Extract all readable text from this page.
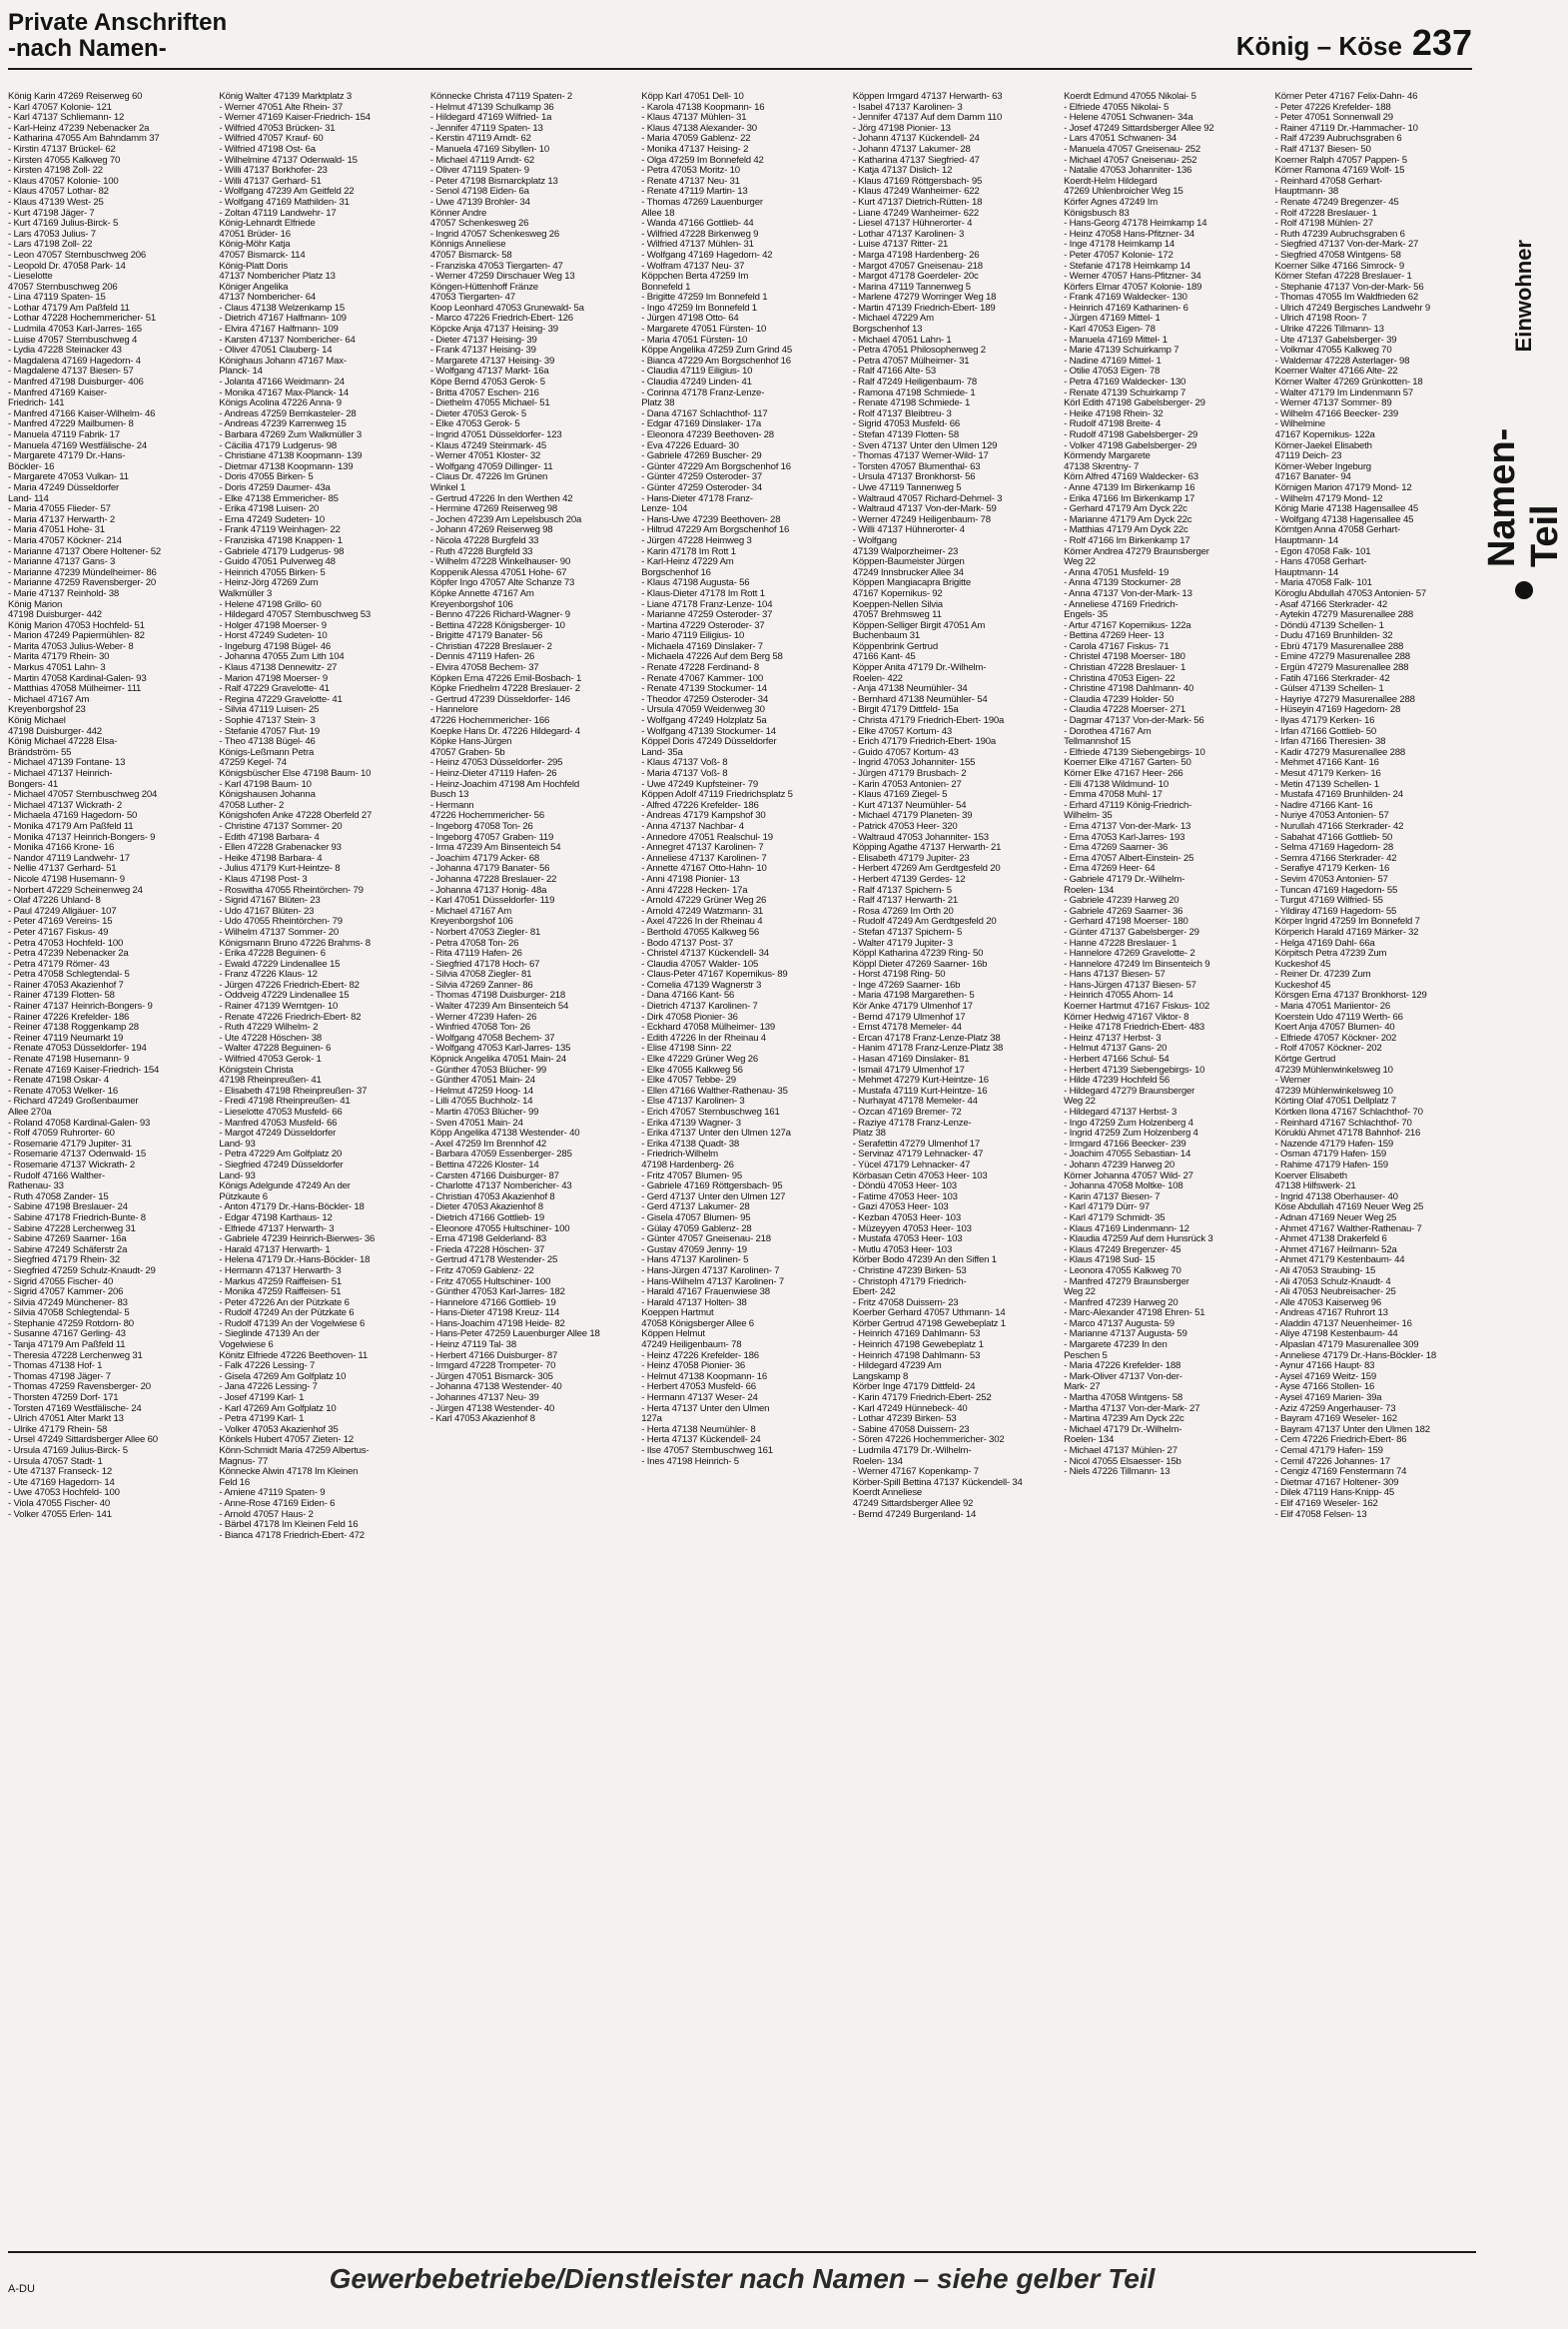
Private Anschriften
-nach Namen-	König – Köse 237
König Karin 47269 Reiserweg 60
- Karl 47057 Kolonie- 121
- Karl 47137 Schliemann- 12
- Karl-Heinz 47239 Nebenacker 2a
- Katharina 47055 Am Bahndamm 37
- Kirstin 47137 Brückel- 62
- Kirsten 47055 Kalkweg 70
- Kirsten 47198 Zoll- 22
- Klaus 47057 Kolonie- 100
- Klaus 47057 Lothar- 82
- Klaus 47139 West- 25
- Kurt 47198 Jäger- 7
- Kurt 47169 Julius-Birck- 5
- Lars 47053 Julius- 7
- Lars 47198 Zoll- 22
- Leon 47057 Sternbuschweg 206
- Leopold Dr. 47058 Park- 14
- Lieselotte
47057 Sternbuschweg 206
- Lina 47119 Spaten- 15
- Lothar 47179 Am Paßfeld 11
- Lothar 47228 Hochemmericher- 51
- Ludmila 47053 Karl-Jarres- 165
- Luise 47057 Sternbuschweg 4
- Lydia 47228 Steinacker 43
- Magdalena 47169 Hagedorn- 4
- Magdalene 47137 Biesen- 57
- Manfred 47198 Duisburger- 406
- Manfred 47169 Kaiser-
Friedrich- 141
- Manfred 47166 Kaiser-Wilhelm- 46
- Manfred 47229 Mailbumen- 8
- Manuela 47119 Fabrik- 17
- Manuela 47169 Westfälische- 24
- Margarete 47179 Dr.-Hans-
Böckler- 16
- Margarete 47053 Vulkan- 11
- Maria 47249 Düsseldorfer
Land- 114
- Maria 47055 Flieder- 57
- Maria 47137 Herwarth- 2
- Maria 47051 Hohe- 31
- Maria 47057 Köckner- 214
- Marianne 47137 Obere Holtener- 52
- Marianne 47137 Gans- 3
- Marianne 47239 Mündelheimer- 86
- Marianne 47259 Ravensberger- 20
- Marie 47137 Reinhold- 38
König Marion
47198 Duisburger- 442
König Marion 47053 Hochfeld- 51
- Marion 47249 Papiermühlen- 82
- Marita 47053 Julius-Weber- 8
- Marita 47179 Rhein- 30
- Markus 47051 Lahn- 3
- Martin 47058 Kardinal-Galen- 93
- Matthias 47058 Mülheimer- 111
- Michael 47167 Am
Kreyenborgshof 23
König Michael
47198 Duisburger- 442
König Michael 47228 Elsa-
Brändström- 55
- Michael 47139 Fontane- 13
- Michael 47137 Heinrich-
Bongers- 41
- Michael 47057 Sternbuschweg 204
- Michael 47137 Wickrath- 2
- Michaela 47169 Hagedorn- 50
- Monika 47179 Am Paßfeld 11
- Monika 47137 Heinrich-Bongers- 9
- Monika 47166 Krone- 16
- Nandor 47119 Landwehr- 17
- Nellie 47137 Gerhard- 51
- Nicole 47198 Husemann- 9
- Norbert 47229 Scheinenweg 24
- Olaf 47226 Uhland- 8
- Paul 47249 Allgäuer- 107
- Peter 47169 Vereins- 15
- Peter 47167 Fiskus- 49
- Petra 47053 Hochfeld- 100
- Petra 47239 Nebenacker 2a
- Petra 47179 Römer- 43
- Petra 47058 Schlegtendal- 5
- Rainer 47053 Akazienhof 7
- Rainer 47139 Flotten- 58
- Rainer 47137 Heinrich-Bongers- 9
- Rainer 47226 Krefelder- 186
- Reiner 47138 Roggenkamp 28
- Reiner 47119 Neumarkt 19
- Renate 47053 Düsseldorfer- 194
- Renate 47198 Husemann- 9
- Renate 47169 Kaiser-Friedrich- 154
- Renate 47198 Oskar- 4
- Renate 47053 Welker- 16
- Richard 47249 Großenbaumer
Allee 270a
- Roland 47058 Kardinal-Galen- 93
- Rolf 47059 Ruhrorter- 60
- Rosemarie 47179 Jupiter- 31
- Rosemarie 47137 Odenwald- 15
- Rosemarie 47137 Wickrath- 2
- Rudolf 47166 Walther-
Rathenau- 33
- Ruth 47058 Zander- 15
- Sabine 47198 Breslauer- 24
- Sabine 47178 Friedrich-Bunte- 8
- Sabine 47228 Lerchenweg 31
- Sabine 47269 Saarner- 16a
- Sabine 47249 Schäferstr 2a
- Siegfried 47179 Rhein- 32
- Siegfried 47259 Schulz-Knaudt- 29
- Sigrid 47055 Fischer- 40
- Sigrid 47057 Kammer- 206
- Silvia 47249 Münchener- 83
- Silvia 47058 Schlegtendal- 5
- Stephanie 47259 Rotdorn- 80
- Susanne 47167 Gerling- 43
- Tanja 47179 Am Paßfeld 11
- Theresia 47228 Lerchenweg 31
- Thomas 47138 Hof- 1
- Thomas 47198 Jäger- 7
- Thomas 47259 Ravensberger- 20
- Thorsten 47259 Dorf- 171
- Torsten 47169 Westfälische- 24
- Ulrich 47051 Alter Markt 13
- Ulrike 47179 Rhein- 58
- Ursel 47249 Sittardsberger Allee 60
- Ursula 47169 Julius-Birck- 5
- Ursula 47057 Stadt- 1
- Ute 47137 Franseck- 12
- Ute 47169 Hagedorn- 14
- Uwe 47053 Hochfeld- 100
- Viola 47055 Fischer- 40
- Volker 47055 Erlen- 141
König Walter 47139 Marktplatz 3
- Werner 47051 Alte Rhein- 37
- Werner 47169 Kaiser-Friedrich- 154
- Wilfried 47053 Brücken- 31
- Wilfried 47057 Krauf- 60
- Wilfried 47198 Ost- 6a
- Wilhelmine 47137 Odenwald- 15
- Willi 47137 Borkhofer- 23
- Willi 47137 Gerhard- 51
- Wolfgang 47239 Am Geitfeld 22
- Wolfgang 47169 Mathilden- 31
- Zoltan 47119 Landwehr- 17
König-Lehnardt Elfriede
47051 Brüder- 16
König-Möhr Katja
47057 Bismarck- 114
König-Platt Doris
47137 Nombericher Platz 13
Königer Angelika
47137 Nombericher- 64
- Claus 47138 Welzenkamp 15
- Dietrich 47167 Halfmann- 109
- Elvira 47167 Halfmann- 109
- Karsten 47137 Nombericher- 64
- Oliver 47051 Clauberg- 14
Könighaus Johann 47167 Max-
Planck- 14
- Jolanta 47166 Weidmann- 24
- Monika 47167 Max-Planck- 14
Königs Acolina 47226 Anna- 9
- Andreas 47259 Bernkasteler- 28
- Andreas 47239 Karrenweg 15
- Barbara 47269 Zum Walkmüller 3
- Cäcilia 47179 Ludgerus- 98
- Christiane 47138 Koopmann- 139
- Dietmar 47138 Koopmann- 139
- Doris 47055 Birken- 5
- Doris 47259 Daumer- 43a
- Elke 47138 Emmericher- 85
- Erika 47198 Luisen- 20
- Erna 47249 Sudeten- 10
- Frank 47119 Weinhagen- 22
- Franziska 47198 Knappen- 1
- Gabriele 47179 Ludgerus- 98
- Guido 47051 Pulverweg 48
- Heinrich 47055 Birken- 5
- Heinz-Jörg 47269 Zum
Walkmüller 3
- Helene 47198 Grillo- 60
- Hildegard 47057 Sternbuschweg 53
- Holger 47198 Moerser- 9
- Horst 47249 Sudeten- 10
- Ingeburg 47198 Bügel- 46
- Johanna 47055 Zum Lith 104
- Klaus 47138 Dennewitz- 27
- Marion 47198 Moerser- 9
- Ralf 47229 Gravelotte- 41
- Regina 47229 Gravelotte- 41
- Silvia 47119 Luisen- 25
- Sophie 47137 Stein- 3
- Stefanie 47057 Flut- 19
- Theo 47138 Bügel- 46
Königs-Leßmann Petra
47259 Kegel- 74
Königsbüscher Else 47198 Baum- 10
- Karl 47198 Baum- 10
Königshausen Johanna
47058 Luther- 2
Königshofen Anke 47228 Oberfeld 27
- Christine 47137 Sommer- 20
- Edith 47198 Barbara- 4
- Ellen 47228 Grabenacker 93
- Heike 47198 Barbara- 4
- Julius 47179 Kurt-Heintze- 8
- Klaus 47198 Post- 3
- Roswitha 47055 Rheintörchen- 79
- Sigrid 47167 Blüten- 23
- Udo 47167 Blüten- 23
- Udo 47055 Rheintörchen- 79
- Wilhelm 47137 Sommer- 20
Königsmann Bruno 47226 Brahms- 8
- Erika 47228 Beguinen- 6
- Ewald 47229 Lindenallee 15
- Franz 47226 Klaus- 12
- Jürgen 47226 Friedrich-Ebert- 82
- Oddveig 47229 Lindenallee 15
- Rainer 47139 Werntgen- 10
- Renate 47226 Friedrich-Ebert- 82
- Ruth 47229 Wilhelm- 2
- Ute 47228 Höschen- 38
- Walter 47228 Beguinen- 6
- Wilfried 47053 Gerok- 1
Königstein Christa
47198 Rheinpreußen- 41
- Elisabeth 47198 Rheinpreußen- 37
- Fredi 47198 Rheinpreußen- 41
- Lieselotte 47053 Musfeld- 66
- Manfred 47053 Musfeld- 66
- Margot 47249 Düsseldorfer
Land- 93
- Petra 47229 Am Golfplatz 20
- Siegfried 47249 Düsseldorfer
Land- 93
Königs Adelgunde 47249 An der
Pützkaute 6
- Anton 47179 Dr.-Hans-Böckler- 18
- Edgar 47198 Karthaus- 12
- Elfriede 47137 Herwarth- 3
- Gabriele 47239 Heinrich-Bierwes- 36
- Harald 47137 Herwarth- 1
- Helena 47179 Dr.-Hans-Böckler- 18
- Hermann 47137 Herwarth- 3
- Markus 47259 Raiffeisen- 51
- Monika 47259 Raiffeisen- 51
- Peter 47226 An der Pützkate 6
- Rudolf 47249 An der Pützkate 6
- Rudolf 47139 An der Vogelwiese 6
- Sieglinde 47139 An der
Vogelwiese 6
Könitz Elfriede 47226 Beethoven- 11
- Falk 47226 Lessing- 7
- Gisela 47269 Am Golfplatz 10
- Jana 47226 Lessing- 7
- Josef 47199 Karl- 1
- Karl 47269 Am Golfplatz 10
- Petra 47199 Karl- 1
- Volker 47053 Akazienhof 35
Könkels Hubert 47057 Zieten- 12
Könn-Schmidt Maria 47259 Albertus-
Magnus- 77
Könnecke Alwin 47178 Im Kleinen
Feld 16
- Amiene 47119 Spaten- 9
- Anne-Rose 47169 Eiden- 6
- Arnold 47057 Haus- 2
- Bärbel 47178 Im Kleinen Feld 16
- Bianca 47178 Friedrich-Ebert- 472
Könnecke Christa 47119 Spaten- 2
- Helmut 47139 Schulkamp 36
- Hildegard 47169 Wilfried- 1a
- Jennifer 47119 Spaten- 13
- Kerstin 47119 Arndt- 62
- Manuela 47169 Sibyllen- 10
- Michael 47119 Arndt- 62
- Oliver 47119 Spaten- 9
- Peter 47198 Bismarckplatz 13
- Senol 47198 Eiden- 6a
- Uwe 47139 Brohler- 34
Könner Andre
47057 Schenkesweg 26
- Ingrid 47057 Schenkesweg 26
Könnigs Anneliese
47057 Bismarck- 58
- Franziska 47053 Tiergarten- 47
- Werner 47259 Dirschauer Weg 13
Köngen-Hüttenhoff Fränze
47053 Tiergarten- 47
Koop Leonhard 47053 Grunewald- 5a
- Marco 47226 Friedrich-Ebert- 126
Köpcke Anja 47137 Heising- 39
- Dieter 47137 Heising- 39
- Frank 47137 Heising- 39
- Margarete 47137 Heising- 39
- Wolfgang 47137 Markt- 16a
Köpe Bernd 47053 Gerok- 5
- Britta 47057 Eschen- 216
- Diethelm 47055 Michael- 51
- Dieter 47053 Gerok- 5
- Elke 47053 Gerok- 5
- Ingrid 47051 Düsseldorfer- 123
- Klaus 47249 Steinmark- 45
- Werner 47051 Kloster- 32
- Wolfgang 47059 Dillinger- 11
- Claus Dr. 47226 Im Grünen
Winkel 1
- Gertrud 47226 In den Werthen 42
- Hermine 47269 Reiserweg 98
- Jochen 47239 Am Lepelsbusch 20a
- Johann 47269 Reiserweg 98
- Nicola 47228 Burgfeld 33
- Ruth 47228 Burgfeld 33
- Wilhelm 47228 Winkelhauser- 90
Koppenik Alessa 47051 Hohe- 67
Köpfer Ingo 47057 Alte Schanze 73
Köpke Annette 47167 Am
Kreyenborgshof 106
- Benno 47226 Richard-Wagner- 9
- Bettina 47228 Königsberger- 10
- Brigitte 47179 Banater- 56
- Christian 47228 Breslauer- 2
- Dennis 47119 Hafen- 26
- Elvira 47058 Bechem- 37
Köpken Erna 47226 Emil-Bosbach- 1
Köpke Friedhelm 47228 Breslauer- 2
- Gertrud 47239 Düsseldorfer- 146
- Hannelore
47226 Hochemmericher- 166
Koepke Hans Dr. 47226 Hildegard- 4
Köpke Hans-Jürgen
47057 Graben- 5b
- Heinz 47053 Düsseldorfer- 295
- Heinz-Dieter 47119 Hafen- 26
- Heinz-Joachim 47198 Am Hochfeld
Busch 13
- Hermann
47226 Hochemmericher- 56
- Ingeborg 47058 Ton- 26
- Ingeborg 47057 Graben- 119
- Irma 47239 Am Binsenteich 54
- Joachim 47179 Acker- 68
- Johanna 47179 Banater- 56
- Johanna 47228 Breslauer- 22
- Johanna 47137 Honig- 48a
- Karl 47051 Düsseldorfer- 119
- Michael 47167 Am
Kreyenborgshof 106
- Norbert 47053 Ziegler- 81
- Petra 47058 Ton- 26
- Rita 47119 Hafen- 26
- Siegfried 47178 Hoch- 67
- Silvia 47058 Ziegler- 81
- Silvia 47269 Zanner- 86
- Thomas 47198 Duisburger- 218
- Walter 47239 Am Binsenteich 54
- Werner 47239 Hafen- 26
- Winfried 47058 Ton- 26
- Wolfgang 47058 Bechem- 37
- Wolfgang 47053 Karl-Jarres- 135
Köpnick Angelika 47051 Main- 24
- Günther 47053 Blücher- 99
- Günther 47051 Main- 24
- Helmut 47259 Hoog- 14
- Lilli 47055 Buchholz- 14
- Martin 47053 Blücher- 99
- Sven 47051 Main- 24
Köpp Angelika 47138 Westender- 40
- Axel 47259 Im Brennhof 42
- Barbara 47059 Essenberger- 285
- Bettina 47226 Kloster- 14
- Carsten 47166 Duisburger- 87
- Charlotte 47137 Nombericher- 43
- Christian 47053 Akazienhof 8
- Dieter 47053 Akazienhof 8
- Dietrich 47166 Gottlieb- 19
- Eleonore 47055 Hultschiner- 100
- Erna 47198 Gelderland- 83
- Frieda 47228 Höschen- 37
- Gertrud 47178 Westender- 25
- Fritz 47059 Gablenz- 22
- Fritz 47055 Hultschiner- 100
- Günther 47053 Karl-Jarres- 182
- Hannelore 47166 Gottlieb- 19
- Hans-Dieter 47198 Kreuz- 114
- Hans-Joachim 47198 Heide- 82
- Hans-Peter 47259 Lauenburger Allee 18
- Heinz 47119 Tal- 38
- Herbert 47166 Duisburger- 87
- Irmgard 47228 Trompeter- 70
- Jürgen 47051 Bismarck- 305
- Johanna 47138 Westender- 40
- Johannes 47137 Neu- 39
- Jürgen 47138 Westender- 40
- Karl 47053 Akazienhof 8
Köpp Karl 47051 Dell- 10
- Karola 47138 Koopmann- 16
- Klaus 47137 Mühlen- 31
- Klaus 47138 Alexander- 30
- Maria 47059 Gablenz- 22
- Monika 47137 Heising- 2
- Olga 47259 Im Bonnefeld 42
- Petra 47053 Moritz- 10
- Renate 47137 Neu- 31
- Renate 47119 Martin- 13
- Thomas 47269 Lauenburger
Allee 18
- Wanda 47166 Gottlieb- 44
- Wilfried 47228 Birkenweg 9
- Wilfried 47137 Mühlen- 31
- Wolfgang 47169 Hagedorn- 42
- Wolfram 47137 Neu- 37
Köppchen Berta 47259 Im
Bonnefeld 1
- Brigitte 47259 Im Bonnefeld 1
- Ingo 47259 Im Bonnefeld 1
- Jürgen 47198 Otto- 64
- Margarete 47051 Fürsten- 10
- Maria 47051 Fürsten- 10
Köppe Angelika 47259 Zum Grind 45
- Bianca 47229 Am Borgschenhof 16
- Claudia 47119 Eiligius- 10
- Claudia 47249 Linden- 41
- Corinna 47178 Franz-Lenze-
Platz 38
- Dana 47167 Schlachthof- 117
- Edgar 47169 Dinslaker- 17a
- Eleonora 47239 Beethoven- 28
- Eva 47226 Eduard- 30
- Gabriele 47269 Buscher- 29
- Günter 47229 Am Borgschenhof 16
- Günter 47259 Osteroder- 37
- Günter 47259 Osteroder- 34
- Hans-Dieter 47178 Franz-
Lenze- 104
- Hans-Uwe 47239 Beethoven- 28
- Hiltrud 47229 Am Borgschenhof 16
- Jürgen 47228 Heimweg 3
- Karin 47178 Im Rott 1
- Karl-Heinz 47229 Am
Borgschenhof 16
- Klaus 47198 Augusta- 56
- Klaus-Dieter 47178 Im Rott 1
- Liane 47178 Franz-Lenze- 104
- Marianne 47259 Osteroder- 37
- Martina 47229 Osteroder- 37
- Mario 47119 Eiligius- 10
- Michaela 47169 Dinslaker- 7
- Michaela 47226 Auf dem Berg 58
- Renate 47228 Ferdinand- 8
- Renate 47067 Kammer- 100
- Renate 47139 Stockumer- 14
- Theodor 47259 Osteroder- 34
- Ursula 47059 Weidenweg 30
- Wolfgang 47249 Holzplatz 5a
- Wolfgang 47139 Stockumer- 14
Köppel Doris 47249 Düsseldorfer
Land- 35a
- Klaus 47137 Voß- 8
- Maria 47137 Voß- 8
- Uwe 47249 Kupfsteiner- 79
Köppen Adolf 47119 Friedrichsplatz 5
- Alfred 47226 Krefelder- 186
- Andreas 47179 Kampshof 30
- Anna 47137 Nachbar- 4
- Annedore 47051 Realschul- 19
- Annegret 47137 Karolinen- 7
- Anneliese 47137 Karolinen- 7
- Annette 47167 Otto-Hahn- 10
- Anni 47198 Pionier- 13
- Anni 47228 Hecken- 17a
- Arnold 47229 Grüner Weg 26
- Arnold 47249 Watzmann- 31
- Axel 47226 In der Rheinau 4
- Berthold 47055 Kalkweg 56
- Bodo 47137 Post- 37
- Christel 47137 Kückendell- 34
- Claudia 47057 Walder- 105
- Claus-Peter 47167 Kopernikus- 89
- Cornelia 47139 Wagnerstr 3
- Dana 47166 Kant- 56
- Dietrich 47137 Karolinen- 7
- Dirk 47058 Pionier- 36
- Eckhard 47058 Mülheimer- 139
- Edith 47226 In der Rheinau 4
- Elise 47198 Sinn- 22
- Elke 47229 Grüner Weg 26
- Elke 47055 Kalkweg 56
- Elke 47057 Tebbe- 29
- Ellen 47166 Walther-Rathenau- 35
- Else 47137 Karolinen- 3
- Erich 47057 Sternbuschweg 161
- Erika 47139 Wagner- 3
- Erika 47137 Unter den Ulmen 127a
- Erika 47138 Quadt- 38
- Friedrich-Wilhelm
47198 Hardenberg- 26
- Fritz 47057 Blumen- 95
- Gabriele 47169 Röttgersbach- 95
- Gerd 47137 Unter den Ulmen 127
- Gerd 47137 Lakumer- 28
- Gisela 47057 Blumen- 95
- Gülay 47059 Gablenz- 28
- Günter 47057 Gneisenau- 218
- Gustav 47059 Jenny- 19
- Hans 47137 Karolinen- 5
- Hans-Jürgen 47137 Karolinen- 7
- Hans-Wilhelm 47137 Karolinen- 7
- Harald 47167 Frauenwiese 38
- Harald 47137 Holten- 38
Koeppen Hartmut
47058 Königsberger Allee 6
Köppen Helmut
47249 Heiligenbaum- 78
- Heinz 47226 Krefelder- 186
- Heinz 47058 Pionier- 36
- Helmut 47138 Koopmann- 16
- Herbert 47053 Musfeld- 66
- Hermann 47137 Weser- 24
- Herta 47137 Unter den Ulmen
127a
- Herta 47138 Neumühler- 8
- Herta 47137 Kückendell- 24
- Ilse 47057 Sternbuschweg 161
- Ines 47198 Heinrich- 5
Köppen Irmgard 47137 Herwarth- 63
- Isabel 47137 Karolinen- 3
- Jennifer 47137 Auf dem Damm 110
- Jörg 47198 Pionier- 13
- Johann 47137 Kückendell- 24
- Johann 47137 Lakumer- 28
- Katharina 47137 Siegfried- 47
- Katja 47137 Dislich- 12
- Klaus 47169 Röttgersbach- 95
- Klaus 47249 Wanheimer- 622
- Kurt 47137 Dietrich-Rütten- 18
- Liane 47249 Wanheimer- 622
- Liesel 47137 Hühnerorter- 4
- Lothar 47137 Karolinen- 3
- Luise 47137 Ritter- 21
- Marga 47198 Hardenberg- 26
- Margot 47057 Gneisenau- 218
- Margot 47178 Goerdeler- 20c
- Marina 47119 Tannenweg 5
- Marlene 47279 Worringer Weg 18
- Martin 47139 Friedrich-Ebert- 189
- Michael 47229 Am
Borgschenhof 13
- Michael 47051 Lahn- 1
- Petra 47051 Philosophenweg 2
- Petra 47057 Mülheimer- 31
- Ralf 47166 Alte- 53
- Ralf 47249 Heiligenbaum- 78
- Ramona 47198 Schmiede- 1
- Renate 47198 Schmiede- 1
- Rolf 47137 Bleibtreu- 3
- Sigrid 47053 Musfeld- 66
- Stefan 47139 Flotten- 58
- Sven 47137 Unter den Ulmen 129
- Thomas 47137 Werner-Wild- 17
- Torsten 47057 Blumenthal- 63
- Ursula 47137 Bronkhorst- 56
- Uwe 47119 Tannenweg 5
- Waltraud 47057 Richard-Dehmel- 3
- Waltraud 47137 Von-der-Mark- 59
- Werner 47249 Heiligenbaum- 78
- Willi 47137 Hühnerorter- 4
- Wolfgang
47139 Walporzheimer- 23
Köppen-Baumeister Jürgen
47249 Innsbrucker Allee 34
Köppen Mangiacapra Brigitte
47167 Kopernikus- 92
Koeppen-Nellen Silvia
47057 Brehmsweg 11
Köppen-Selliger Birgit 47051 Am
Buchenbaum 31
Köppenbrink Gertrud
47166 Kant- 45
Köpper Anita 47179 Dr.-Wilhelm-
Roelen- 422
- Anja 47138 Neumühler- 34
- Bernhard 47138 Neumühler- 54
- Birgit 47179 Dittfeld- 15a
- Christa 47179 Friedrich-Ebert- 190a
- Elke 47057 Kortum- 43
- Erich 47179 Friedrich-Ebert- 190a
- Guido 47057 Kortum- 43
- Ingrid 47053 Johanniter- 155
- Jürgen 47179 Brusbach- 2
- Karin 47053 Antonien- 27
- Klaus 47169 Ziegel- 5
- Kurt 47137 Neumühler- 54
- Michael 47179 Planeten- 39
- Patrick 47053 Heer- 320
- Waltraud 47053 Johanniter- 153
Köpping Agathe 47137 Herwarth- 21
- Elisabeth 47179 Jupiter- 23
- Herbert 47269 Am Gerdtgesfeld 20
- Herbert 47139 Gerdes- 12
- Ralf 47137 Spichern- 5
- Ralf 47137 Herwarth- 21
- Rosa 47269 Im Orth 20
- Rudolf 47249 Am Gerdtgesfeld 20
- Stefan 47137 Spichern- 5
- Walter 47179 Jupiter- 3
Köppl Katharina 47239 Ring- 50
Köppl Dieter 47269 Saarner- 16b
- Horst 47198 Ring- 50
- Inge 47269 Saarner- 16b
- Maria 47198 Margarethen- 5
Kör Anke 47179 Ulmenhof 17
- Bernd 47179 Ulmenhof 17
- Ernst 47178 Memeler- 44
- Ercan 47178 Franz-Lenze-Platz 38
- Hanim 47178 Franz-Lenze-Platz 38
- Hasan 47169 Dinslaker- 81
- Ismail 47179 Ulmenhof 17
- Mehmet 47279 Kurt-Heintze- 16
- Mustafa 47119 Kurt-Heintze- 16
- Nurhayat 47178 Memeler- 44
- Özcan 47169 Bremer- 72
- Raziye 47178 Franz-Lenze-
Platz 38
- Serafettin 47279 Ulmenhof 17
- Servinaz 47179 Lehnacker- 47
- Yücel 47179 Lehnacker- 47
Körbasan Cetin 47053 Heer- 103
- Döndü 47053 Heer- 103
- Fatime 47053 Heer- 103
- Gazi 47053 Heer- 103
- Kezban 47053 Heer- 103
- Müzeyyen 47053 Heer- 103
- Mustafa 47053 Heer- 103
- Mutlu 47053 Heer- 103
Körber Bodo 47239 An den Siffen 1
- Christine 47239 Birken- 53
- Christoph 47179 Friedrich-
Ebert- 242
- Fritz 47058 Duissern- 23
Koerber Gerhard 47057 Uthmann- 14
Körber Gertrud 47198 Gewebeplatz 1
- Heinrich 47169 Dahlmann- 53
- Heinrich 47198 Gewebeplatz 1
- Heinrich 47198 Dahlmann- 53
- Hildegard 47239 Am
Langskamp 8
Körber Inge 47179 Dittfeld- 24
- Karin 47179 Friedrich-Ebert- 252
- Karl 47249 Hünnebeck- 40
- Lothar 47239 Birken- 53
- Sabine 47058 Duissern- 23
- Sören 47226 Hochemmericher- 302
- Ludmila 47179 Dr.-Wilhelm-
Roelen- 134
- Werner 47167 Kopenkamp- 7
Körber-Spill Bettina 47137 Kückendell- 34
Koerdt Anneliese
47249 Sittardsberger Allee 92
- Bernd 47249 Burgenland- 14
Koerdt Edmund 47055 Nikolai- 5
- Elfriede 47055 Nikolai- 5
- Helene 47051 Schwanen- 34a
- Josef 47249 Sittardsberger Allee 92
- Lars 47051 Schwanen- 34
- Manuela 47057 Gneisenau- 252
- Michael 47057 Gneisenau- 252
- Natalie 47053 Johanniter- 136
Koerdt-Helm Hildegard
47269 Uhlenbroicher Weg 15
Körfer Agnes 47249 Im
Königsbusch 83
- Hans-Georg 47178 Heimkamp 14
- Heinz 47058 Hans-Pfitzner- 34
- Inge 47178 Heimkamp 14
- Peter 47057 Kolonie- 172
- Stefanie 47178 Heimkamp 14
- Werner 47057 Hans-Pfitzner- 34
Körfers Elmar 47057 Kolonie- 189
- Frank 47169 Waldecker- 130
- Heinrich 47169 Katharinen- 6
- Jürgen 47169 Mittel- 1
- Karl 47053 Eigen- 78
- Manuela 47169 Mittel- 1
- Marie 47139 Schuirkamp 7
- Nadine 47169 Mittel- 1
- Otilie 47053 Eigen- 78
- Petra 47169 Waldecker- 130
- Renate 47139 Schuirkamp 7
Körl Edith 47198 Gabelsberger- 29
- Heike 47198 Rhein- 32
- Rudolf 47198 Breite- 4
- Rudolf 47198 Gabelsberger- 29
- Volker 47198 Gabelsberger- 29
Körmendy Margarete
47138 Skrentny- 7
Körn Alfred 47169 Waldecker- 63
- Anne 47139 Im Birkenkamp 16
- Erika 47166 Im Birkenkamp 17
- Gerhard 47179 Am Dyck 22c
- Marianne 47179 Am Dyck 22c
- Matthias 47179 Am Dyck 22c
- Rolf 47166 Im Birkenkamp 17
Körner Andrea 47279 Braunsberger
Weg 22
- Anna 47051 Musfeld- 19
- Anna 47139 Stockumer- 28
- Anna 47137 Von-der-Mark- 13
- Anneliese 47169 Friedrich-
Engels- 35
- Artur 47167 Kopernikus- 122a
- Bettina 47269 Heer- 13
- Carola 47167 Fiskus- 71
- Christel 47198 Moerser- 180
- Christian 47228 Breslauer- 1
- Christina 47053 Eigen- 22
- Christine 47198 Dahlmann- 40
- Claudia 47239 Holder- 50
- Claudia 47228 Moerser- 271
- Dagmar 47137 Von-der-Mark- 56
- Dorothea 47167 Am
Tellmannshof 15
- Elfriede 47139 Siebengebirgs- 10
Koerner Elke 47167 Garten- 50
Körner Elke 47167 Heer- 266
- Elli 47138 Wildmund- 10
- Emma 47058 Muhl- 17
- Erhard 47119 König-Friedrich-
Wilhelm- 35
- Erna 47137 Von-der-Mark- 13
- Erna 47053 Karl-Jarres- 193
- Erna 47269 Saarner- 36
- Erna 47057 Albert-Einstein- 25
- Erna 47269 Heer- 64
- Gabriele 47179 Dr.-Wilhelm-
Roelen- 134
- Gabriele 47239 Harweg 20
- Gabriele 47269 Saarner- 36
- Gerhard 47198 Moerser- 180
- Günter 47137 Gabelsberger- 29
- Hanne 47228 Breslauer- 1
- Hannelore 47269 Gravelotte- 2
- Hannelore 47249 Im Binsenteich 9
- Hans 47137 Biesen- 57
- Hans-Jürgen 47137 Biesen- 57
- Heinrich 47055 Ahorn- 14
Koerner Hartmut 47167 Fiskus- 102
Körner Hedwig 47167 Viktor- 8
- Heike 47178 Friedrich-Ebert- 483
- Heinz 47137 Herbst- 3
- Helmut 47137 Gans- 20
- Herbert 47166 Schul- 54
- Herbert 47139 Siebengebirgs- 10
- Hilde 47239 Hochfeld 56
- Hildegard 47279 Braunsberger
Weg 22
- Hildegard 47137 Herbst- 3
- Ingo 47259 Zum Holzenberg 4
- Ingrid 47259 Zum Holzenberg 4
- Irmgard 47166 Beecker- 239
- Joachim 47055 Sebastian- 14
- Johann 47239 Harweg 20
Körner Johanna 47057 Wild- 27
- Johanna 47058 Moltke- 108
- Karin 47137 Biesen- 7
- Karl 47179 Dürr- 97
- Karl 47179 Schmidt- 35
- Klaus 47169 Lindenmann- 12
- Klaudia 47259 Auf dem Hunsrück 3
- Klaus 47249 Bregenzer- 45
- Klaus 47198 Sud- 15
- Leonora 47055 Kalkweg 70
- Manfred 47279 Braunsberger
Weg 22
- Manfred 47239 Harweg 20
- Marc-Alexander 47198 Ehren- 51
- Marco 47137 Augusta- 59
- Marianne 47137 Augusta- 59
- Margarete 47239 In den
Peschen 5
- Maria 47226 Krefelder- 188
- Mark-Oliver 47137 Von-der-
Mark- 27
- Martha 47058 Wintgens- 58
- Martha 47137 Von-der-Mark- 27
- Martina 47239 Am Dyck 22c
- Michael 47179 Dr.-Wilhelm-
Roelen- 134
- Michael 47137 Mühlen- 27
- Nicol 47055 Elsaesser- 15b
- Niels 47226 Tillmann- 13
Körner Peter 47167 Felix-Dahn- 46
- Peter 47226 Krefelder- 188
- Peter 47051 Sonnenwall 29
- Rainer 47119 Dr.-Hammacher- 10
- Ralf 47239 Aubruchsgraben 6
- Ralf 47137 Biesen- 50
Koerner Ralph 47057 Pappen- 5
Körner Ramona 47169 Wolf- 15
- Reinhard 47058 Gerhart-
Hauptmann- 38
- Renate 47249 Bregenzer- 45
- Rolf 47228 Breslauer- 1
- Rolf 47198 Mühlen- 27
- Ruth 47239 Aubruchsgraben 6
- Siegfried 47137 Von-der-Mark- 27
- Siegfried 47058 Wintgens- 58
Koerner Silke 47166 Simrock- 9
Körner Stefan 47228 Breslauer- 1
- Stephanie 47137 Von-der-Mark- 56
- Thomas 47055 Im Waldfrieden 62
- Ulrich 47249 Bergisches Landwehr 9
- Ulrich 47198 Roon- 7
- Ulrike 47226 Tillmann- 13
- Ute 47137 Gabelsberger- 39
- Volkmar 47055 Kalkweg 70
- Waldemar 47228 Asterlager- 98
Koerner Walter 47166 Alte- 22
Körner Walter 47269 Grünkotten- 18
- Walter 47179 Im Lindenmann 57
- Werner 47137 Sommer- 89
- Wilhelm 47166 Beecker- 239
- Wilhelmine
47167 Kopernikus- 122a
Körner-Jaekel Elisabeth
47119 Deich- 23
Körner-Weber Ingeburg
47167 Banater- 94
Körnigen Marion 47179 Mond- 12
- Wilhelm 47179 Mond- 12
König Marie 47138 Hagensallee 45
- Wolfgang 47138 Hagensallee 45
Körntgen Anna 47058 Gerhart-
Hauptmann- 14
- Egon 47058 Falk- 101
- Hans 47058 Gerhart-
Hauptmann- 14
- Maria 47058 Falk- 101
Köroglu Abdullah 47053 Antonien- 57
- Asaf 47166 Sterkrader- 42
- Aytekin 47279 Masurenallee 288
- Döndü 47139 Schellen- 1
- Dudu 47169 Brunhilden- 32
- Ebrü 47179 Masurenallee 288
- Emine 47279 Masurenallee 288
- Ergün 47279 Masurenallee 288
- Fatih 47166 Sterkrader- 42
- Gülser 47139 Schellen- 1
- Hayriye 47279 Masurenallee 288
- Hüseyin 47169 Hagedorn- 28
- Ilyas 47179 Kerken- 16
- Irfan 47166 Gottlieb- 50
- Irfan 47166 Theresien- 38
- Kadir 47279 Masurenallee 288
- Mehmet 47166 Kant- 16
- Mesut 47179 Kerken- 16
- Metin 47139 Schellen- 1
- Mustafa 47169 Brunhilden- 24
- Nadire 47166 Kant- 16
- Nuriye 47053 Antonien- 57
- Nurullah 47166 Sterkrader- 42
- Sabahat 47166 Gottlieb- 50
- Selma 47169 Hagedorn- 28
- Semra 47166 Sterkrader- 42
- Serafiye 47179 Kerken- 16
- Sevim 47053 Antonien- 57
- Tuncan 47169 Hagedorn- 55
- Turgut 47169 Wilfried- 55
- Yildiray 47169 Hagedorn- 55
Körper Ingrid 47259 Im Bonnefeld 7
Körperich Harald 47169 Märker- 32
- Helga 47169 Dahl- 66a
Körpitsch Petra 47239 Zum
Kuckeshof 45
- Reiner Dr. 47239 Zum
Kuckeshof 45
Körsgen Erna 47137 Bronkhorst- 129
- Maria 47051 Mariientor- 26
Koerstein Udo 47119 Werth- 66
Koert Anja 47057 Blumen- 40
- Elfriede 47057 Köckner- 202
- Rolf 47057 Köckner- 202
Körtge Gertrud
47239 Mühlenwinkelsweg 10
- Werner
47239 Mühlenwinkelsweg 10
Körting Olaf 47051 Dellplatz 7
Körtken Ilona 47167 Schlachthof- 70
- Reinhard 47167 Schlachthof- 70
Köruklü Ahmet 47178 Bahnhof- 216
- Nazende 47179 Hafen- 159
- Osman 47179 Hafen- 159
- Rahime 47179 Hafen- 159
Koerver Elisabeth
47138 Hilfswerk- 21
- Ingrid 47138 Oberhauser- 40
Köse Abdullah 47169 Neuer Weg 25
- Adnan 47169 Neuer Weg 25
- Ahmet 47167 Walther-Rathenau- 7
- Ahmet 47138 Drakerfeld 6
- Ahmet 47167 Heilmann- 52a
- Ahmet 47179 Kestenbaum- 44
- Ali 47053 Straubing- 15
- Ali 47053 Schulz-Knaudt- 4
- Ali 47053 Neubreisacher- 25
- Alle 47053 Kaiserweg 96
- Andreas 47167 Ruhrort 13
- Aladdin 47137 Neuenheimer- 16
- Aliye 47198 Kestenbaum- 44
- Alpaslan 47179 Masurenallee 309
- Anneliese 47179 Dr.-Hans-Böckler- 18
- Aynur 47166 Haupt- 83
- Aysel 47169 Weitz- 159
- Ayse 47166 Stollen- 16
- Aysel 47169 Marien- 39a
- Aziz 47259 Angerhauser- 73
- Bayram 47169 Weseler- 162
- Bayram 47137 Unter den Ulmen 182
- Cem 47226 Friedrich-Ebert- 86
- Cemal 47179 Hafen- 159
- Cemil 47226 Johannes- 17
- Cengiz 47169 Fenstermann 74
- Dietmar 47167 Holtener- 309
- Dilek 47119 Hans-Knipp- 45
- Elif 47169 Weseler- 162
- Elif 47058 Felsen- 13
Namen-Teil
Einwohner
A-DU	Gewerbebetriebe/Dienstleister nach Namen – siehe gelber Teil
